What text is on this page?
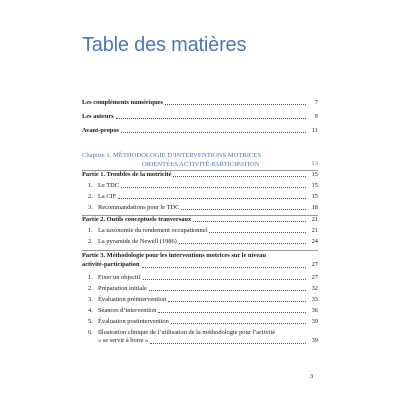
Table des matières
Les compléments numériques	7
Les auteurs	9
Avant-propos	11
Chapitre 1. MÉTHODOLOGIE D’INTERVENTIONS MOTRICES
ORIENTÉES ACTIVITÉ-PARTICIPATION	13
Partie 1. Troubles de la motricité	15
1. Le TDC	15
2. La CIF	15
3. Recommandations pour le TDC	18
Partie 2. Outils conceptuels tranversaux	21
1. La taxonomie du rendement occupationnel	21
2. La pyramide de Newell (1986)	24
Partie 3. Méthodologie pour les interventions motrices sur le niveau
activité-participation	27
1. Fixer un objectif	27
2. Préparation initiale	32
3. Évaluation préintervention	33
4. Séances d’intervention	36
5. Évaluation postintervention	39
6. Illustration clinique de l’utilisation de la méthodologie pour l’activité
« se servir à boire »	39
3
